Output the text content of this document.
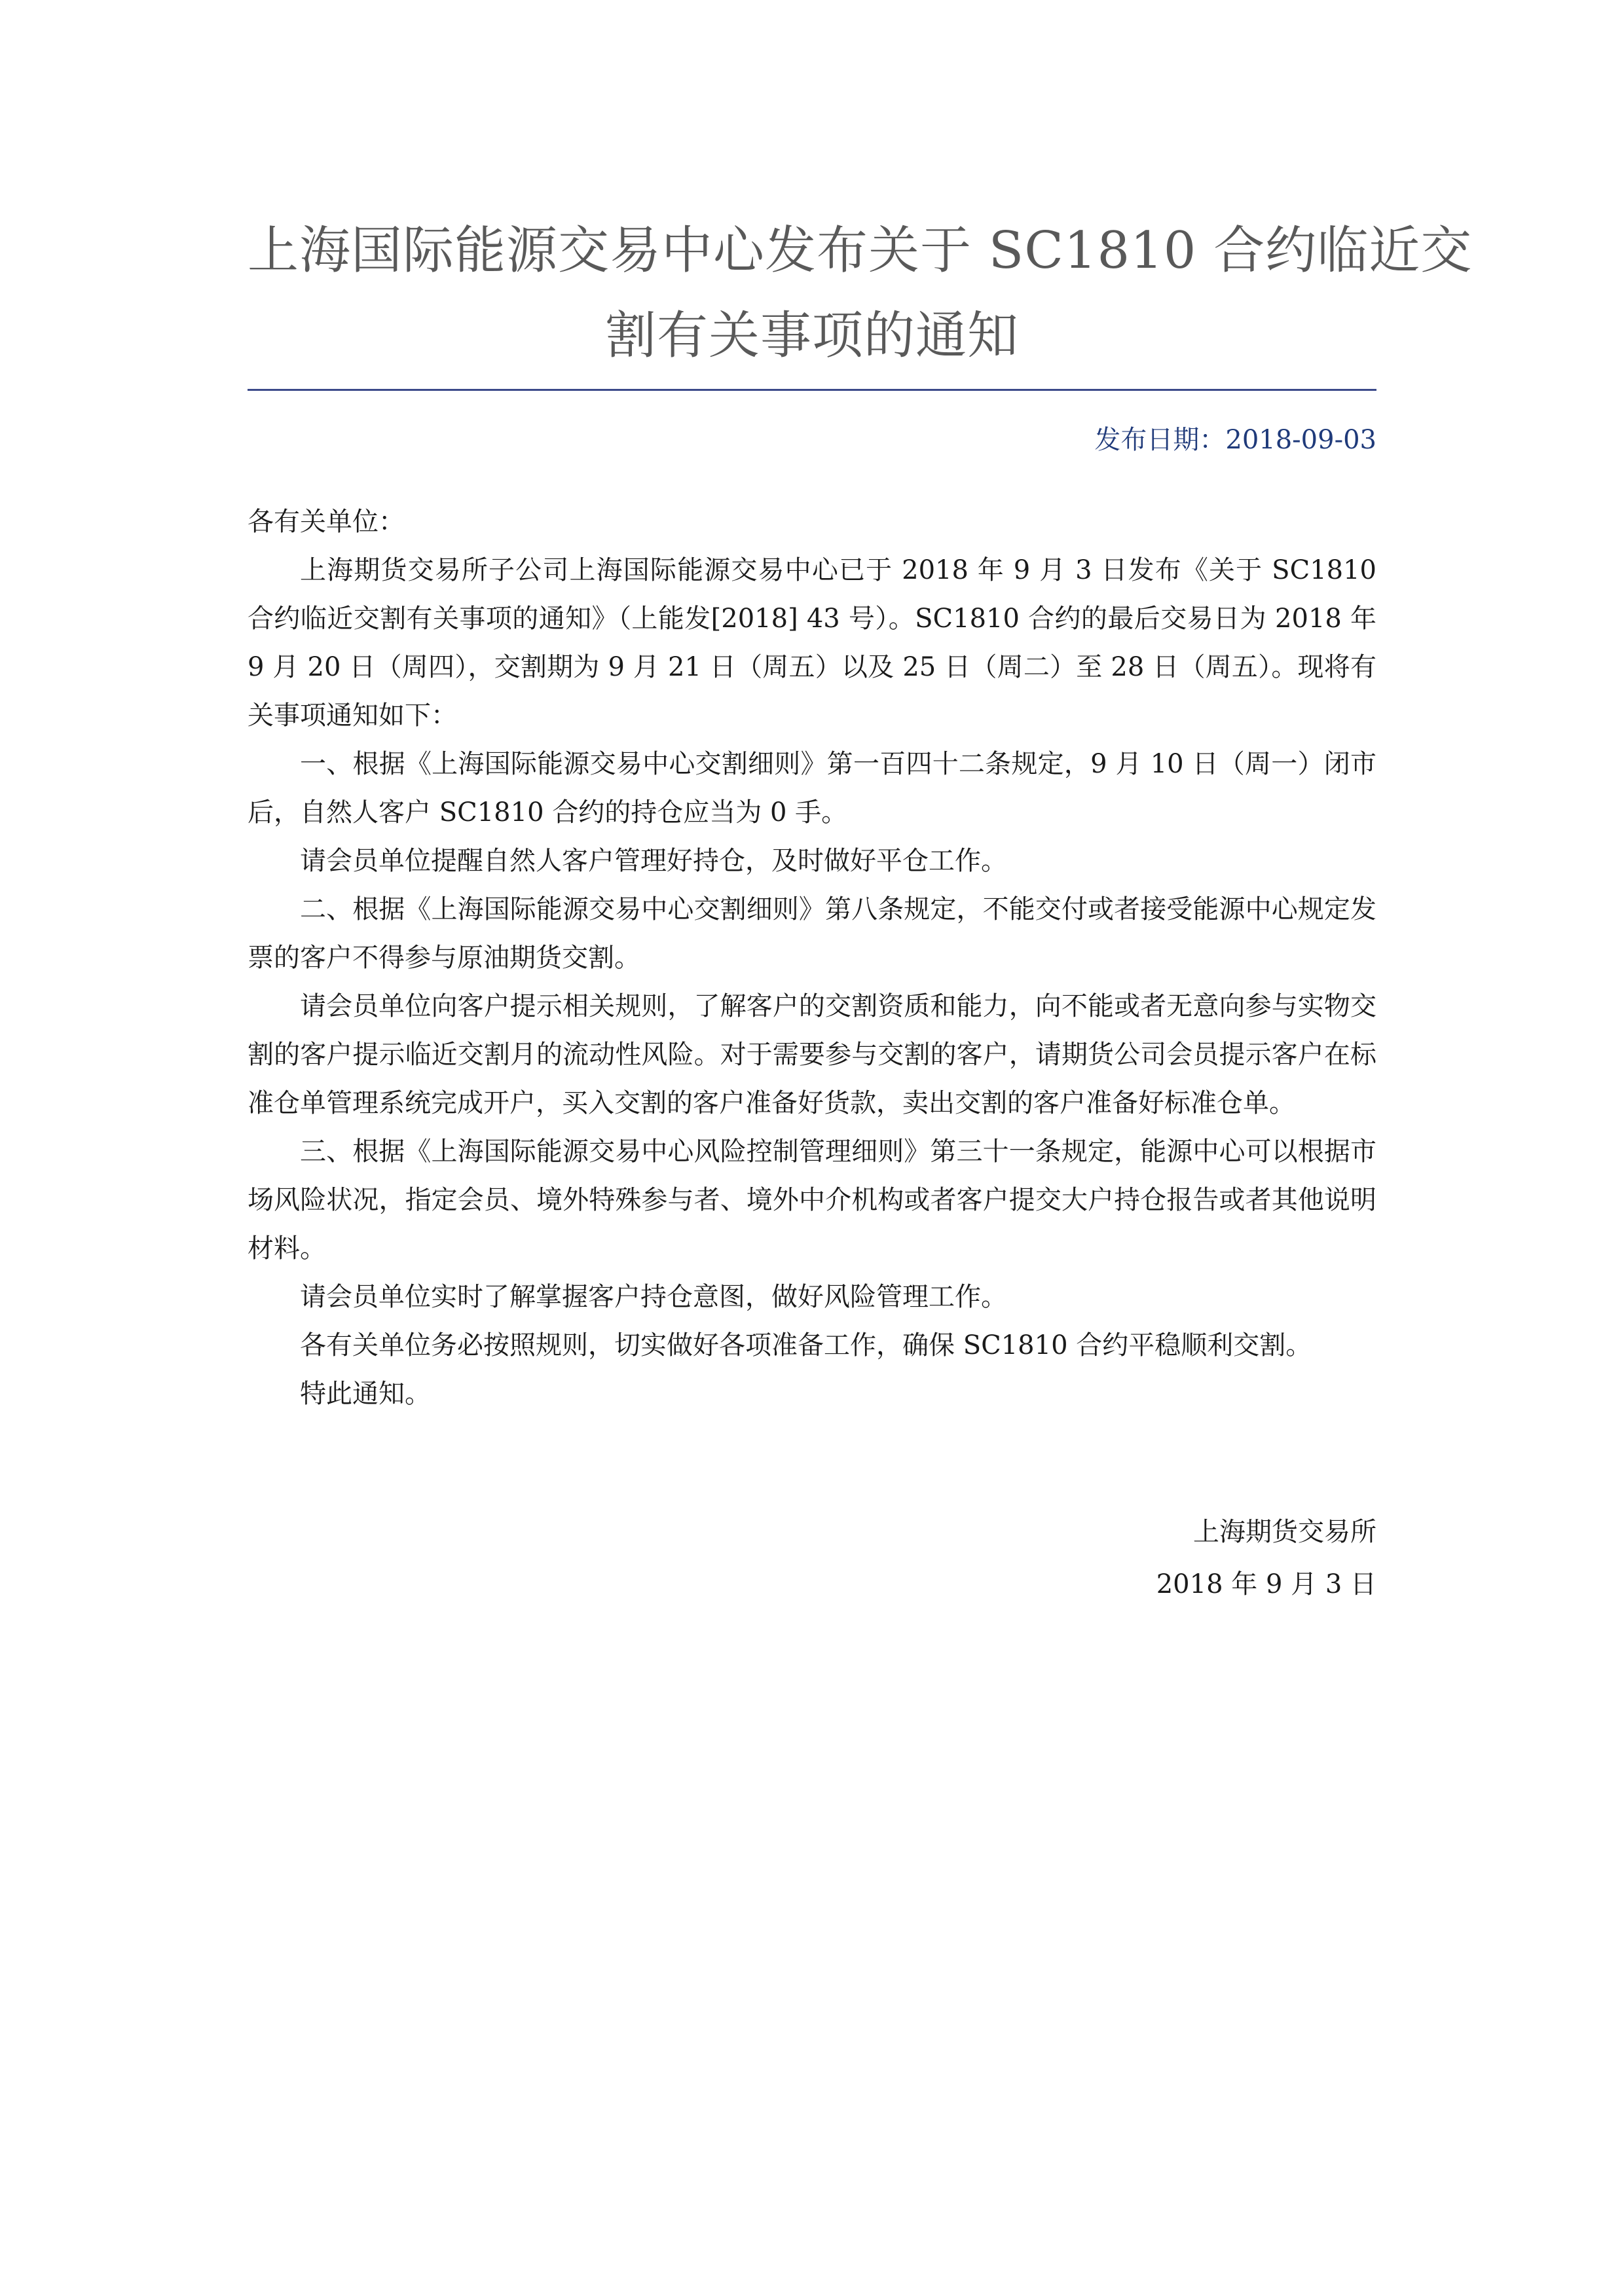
上海国际能源交易中心发布关于 SC1810 合约临近交
割有关事项的通知
发布日期：2018-09-03

各有关单位：

上海期货交易所子公司上海国际能源交易中心已于 2018 年 9 月 3 日发布《关于 SC1810 合约临近交割有关事项的通知》（上能发[2018] 43 号）。SC1810 合约的最后交易日为 2018 年 9 月 20 日（周四），交割期为 9 月 21 日（周五）以及 25 日（周二）至 28 日（周五）。现将有关事项通知如下：

一、根据《上海国际能源交易中心交割细则》第一百四十二条规定，9 月 10 日（周一）闭市后，自然人客户 SC1810 合约的持仓应当为 0 手。

请会员单位提醒自然人客户管理好持仓，及时做好平仓工作。

二、根据《上海国际能源交易中心交割细则》第八条规定，不能交付或者接受能源中心规定发票的客户不得参与原油期货交割。

请会员单位向客户提示相关规则，了解客户的交割资质和能力，向不能或者无意向参与实物交割的客户提示临近交割月的流动性风险。对于需要参与交割的客户，请期货公司会员提示客户在标准仓单管理系统完成开户，买入交割的客户准备好货款，卖出交割的客户准备好标准仓单。

三、根据《上海国际能源交易中心风险控制管理细则》第三十一条规定，能源中心可以根据市场风险状况，指定会员、境外特殊参与者、境外中介机构或者客户提交大户持仓报告或者其他说明材料。

请会员单位实时了解掌握客户持仓意图，做好风险管理工作。

各有关单位务必按照规则，切实做好各项准备工作，确保 SC1810 合约平稳顺利交割。

特此通知。

上海期货交易所
2018 年 9 月 3 日
